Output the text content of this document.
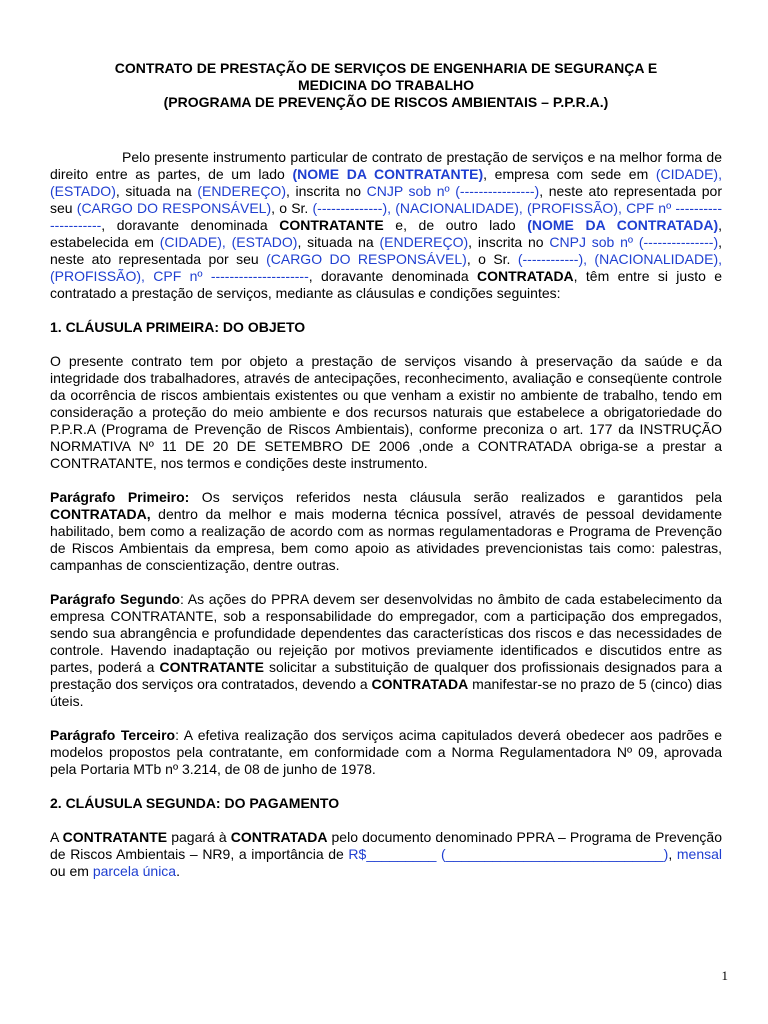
CONTRATO DE PRESTAÇÃO DE SERVIÇOS DE ENGENHARIA DE SEGURANÇA E
MEDICINA DO TRABALHO
(PROGRAMA DE PREVENÇÃO DE RISCOS AMBIENTAIS – P.P.R.A.)

Pelo presente instrumento particular de contrato de prestação de serviços e na melhor forma de direito entre as partes, de um lado (NOME DA CONTRATANTE), empresa com sede em (CIDADE), (ESTADO), situada na (ENDEREÇO), inscrita no CNJP sob nº (----------------), neste ato representada por seu (CARGO DO RESPONSÁVEL), o Sr. (--------------), (NACIONALIDADE), (PROFISSÃO), CPF nº ---------------------, doravante denominada CONTRATANTE e, de outro lado (NOME DA CONTRATADA), estabelecida em (CIDADE), (ESTADO), situada na (ENDEREÇO), inscrita no CNPJ sob nº (---------------), neste ato representada por seu (CARGO DO RESPONSÁVEL), o Sr. (------------), (NACIONALIDADE), (PROFISSÃO), CPF nº ---------------------, doravante denominada CONTRATADA, têm entre si justo e contratado a prestação de serviços, mediante as cláusulas e condições seguintes:

1. CLÁUSULA PRIMEIRA: DO OBJETO

O presente contrato tem por objeto a prestação de serviços visando à preservação da saúde e da integridade dos trabalhadores, através de antecipações, reconhecimento, avaliação e conseqüente controle da ocorrência de riscos ambientais existentes ou que venham a existir no ambiente de trabalho, tendo em consideração a proteção do meio ambiente e dos recursos naturais que estabelece a obrigatoriedade do P.P.R.A (Programa de Prevenção de Riscos Ambientais), conforme preconiza o art. 177 da INSTRUÇÃO NORMATIVA Nº 11 DE 20 DE SETEMBRO DE 2006 ,onde a CONTRATADA obriga-se a prestar a CONTRATANTE, nos termos e condições deste instrumento.

Parágrafo Primeiro: Os serviços referidos nesta cláusula serão realizados e garantidos pela CONTRATADA, dentro da melhor e mais moderna técnica possível, através de pessoal devidamente habilitado, bem como a realização de acordo com as normas regulamentadoras e Programa de Prevenção de Riscos Ambientais da empresa, bem como apoio as atividades prevencionistas tais como: palestras, campanhas de conscientização, dentre outras.

Parágrafo Segundo: As ações do PPRA devem ser desenvolvidas no âmbito de cada estabelecimento da empresa CONTRATANTE, sob a responsabilidade do empregador, com a participação dos empregados, sendo sua abrangência e profundidade dependentes das características dos riscos e das necessidades de controle. Havendo inadaptação ou rejeição por motivos previamente identificados e discutidos entre as partes, poderá a CONTRATANTE solicitar a substituição de qualquer dos profissionais designados para a prestação dos serviços ora contratados, devendo a CONTRATADA manifestar-se no prazo de 5 (cinco) dias úteis.

Parágrafo Terceiro: A efetiva realização dos serviços acima capitulados deverá obedecer aos padrões e modelos propostos pela contratante, em conformidade com a Norma Regulamentadora Nº 09, aprovada pela Portaria MTb nº 3.214, de 08 de junho de 1978.

2. CLÁUSULA SEGUNDA: DO PAGAMENTO

A CONTRATANTE pagará à CONTRATADA pelo documento denominado PPRA – Programa de Prevenção de Riscos Ambientais – NR9, a importância de R$_________ (____________________________), mensal ou em parcela única.

1
